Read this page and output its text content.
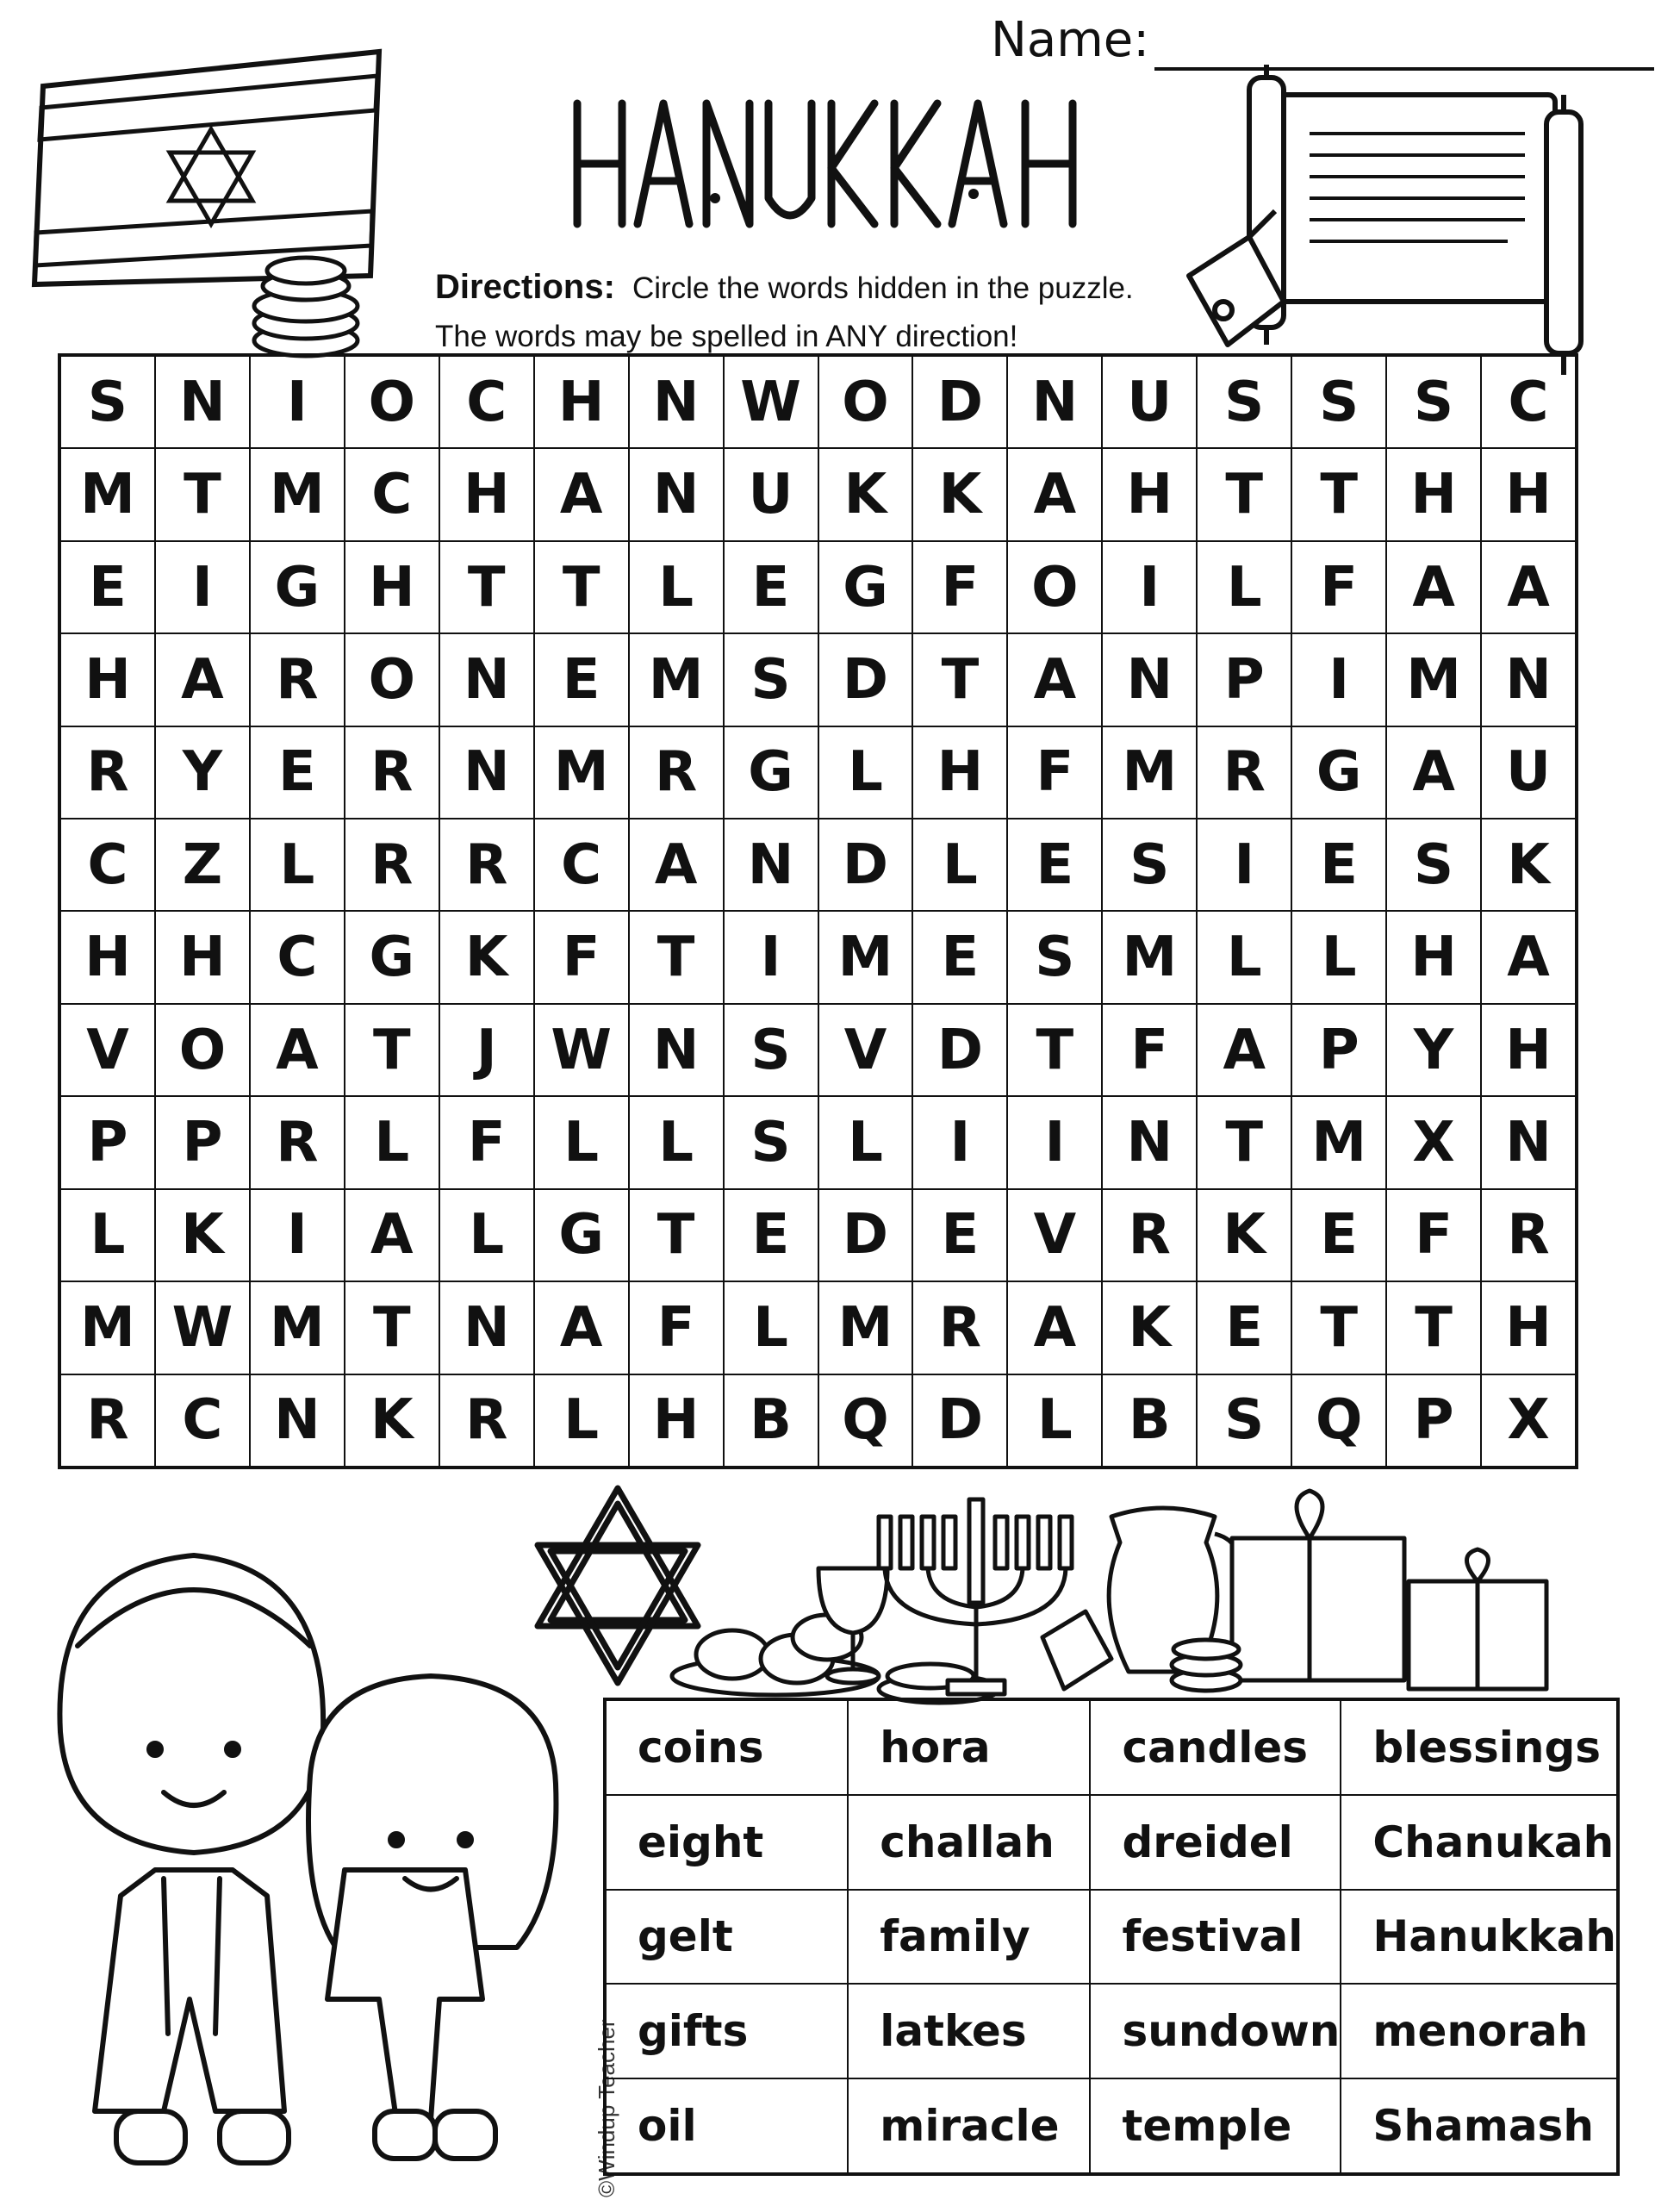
Name:
Directions: Circle the words hidden in the puzzle.
The words may be spelled in ANY direction!
S N	I	O C H N W O D N U S S S C
M T M C H A N U K K A H T	T H H
E	I	G H T	T	L	E G F O	I	L	F A A
H A R O N E M S D T A N P	I	M N
R Y	E R N M R G L H F M R G A U
C Z	L	R R C A N D L	E	S	I	E	S K
H H C G K F	T	I	M E	S M L	L H A
V O A T	J W N S V D T	F A P Y H
P P R	L	F	L	L	S	L	I	I	N T M X N
L	K	I	A	L G T	E D E V R K E	F R
M W M T N A F	L M R A K E	T	T H
R C N K R	L H B Q D L	B S Q P X
©Windup Teacher
coins	hora	candles	blessings
eight	challah	dreidel	Chanukah
gelt	family	festival	Hanukkah
gifts	latkes	sundown menorah
oil	miracle	temple	Shamash
